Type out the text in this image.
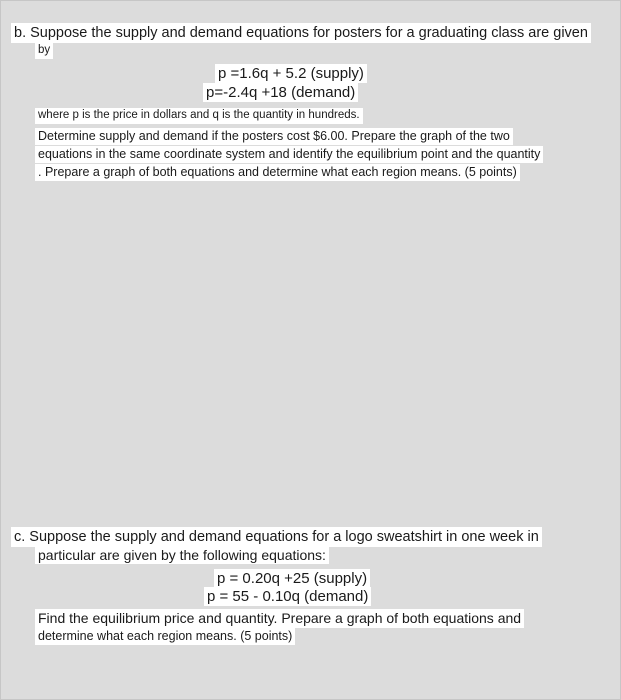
b. Suppose the supply and demand equations for posters for a graduating class are given
by
p =1.6q + 5.2 (supply)
p=-2.4q +18 (demand)
where p is the price in dollars and q is the quantity in hundreds.
Determine supply and demand if the posters cost $6.00. Prepare the graph of the two
equations in the same coordinate system and identify the equilibrium point and the quantity
. Prepare a graph of both equations and determine what each region means. (5 points)
c. Suppose the supply and demand equations for a logo sweatshirt in one week in
particular are given by the following equations:
p = 0.20q +25 (supply)
p = 55 - 0.10q (demand)
Find the equilibrium price and quantity. Prepare a graph of both equations and
determine what each region means. (5 points)
